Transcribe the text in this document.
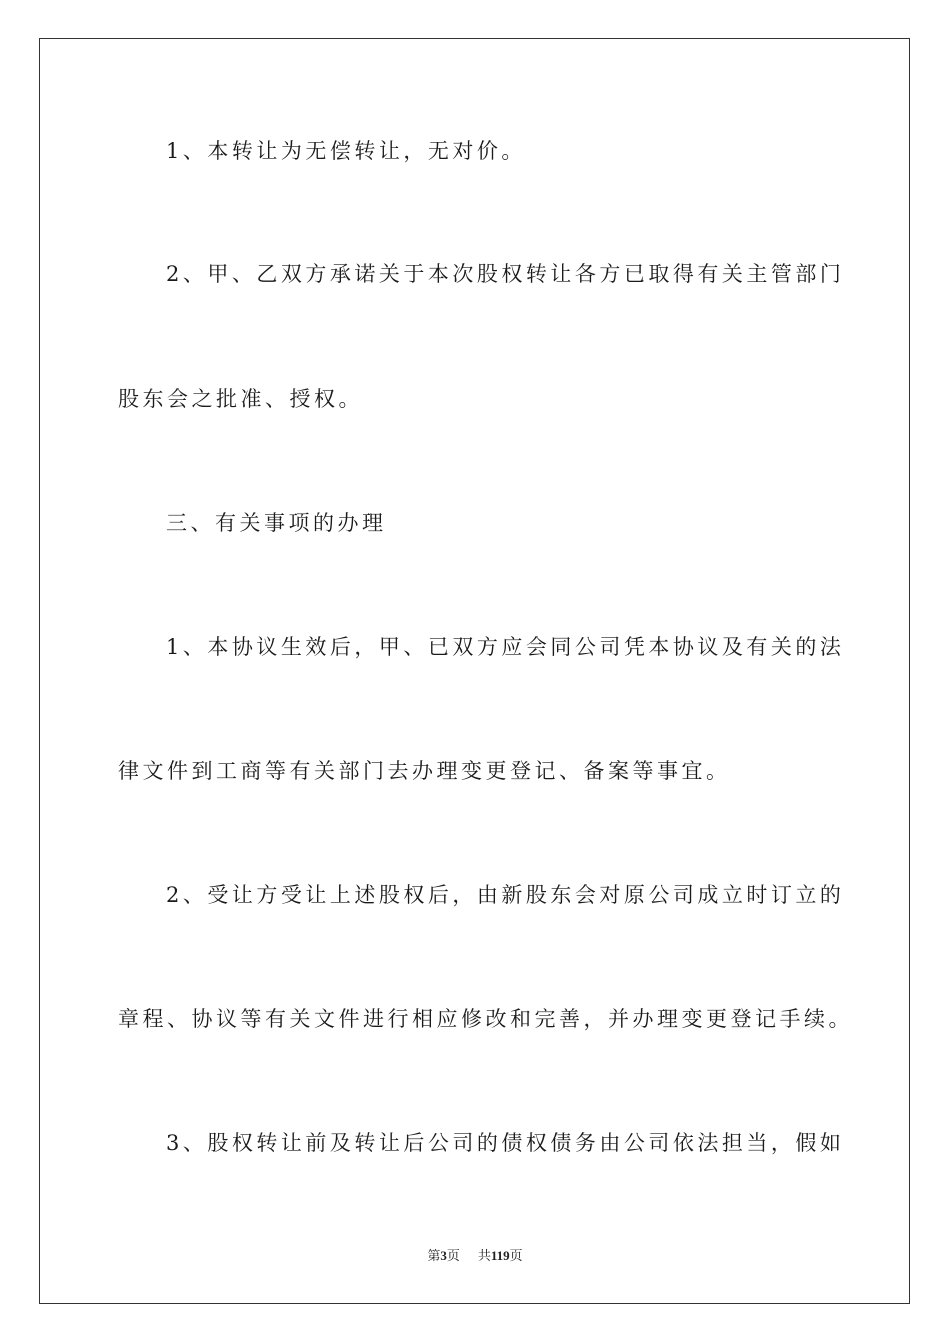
1、本转让为无偿转让，无对价。
2、甲、乙双方承诺关于本次股权转让各方已取得有关主管部门
股东会之批准、授权。
三、有关事项的办理
1、本协议生效后，甲、已双方应会同公司凭本协议及有关的法
律文件到工商等有关部门去办理变更登记、备案等事宜。
2、受让方受让上述股权后，由新股东会对原公司成立时订立的
章程、协议等有关文件进行相应修改和完善，并办理变更登记手续。
3、股权转让前及转让后公司的债权债务由公司依法担当，假如
第3页 共119页
